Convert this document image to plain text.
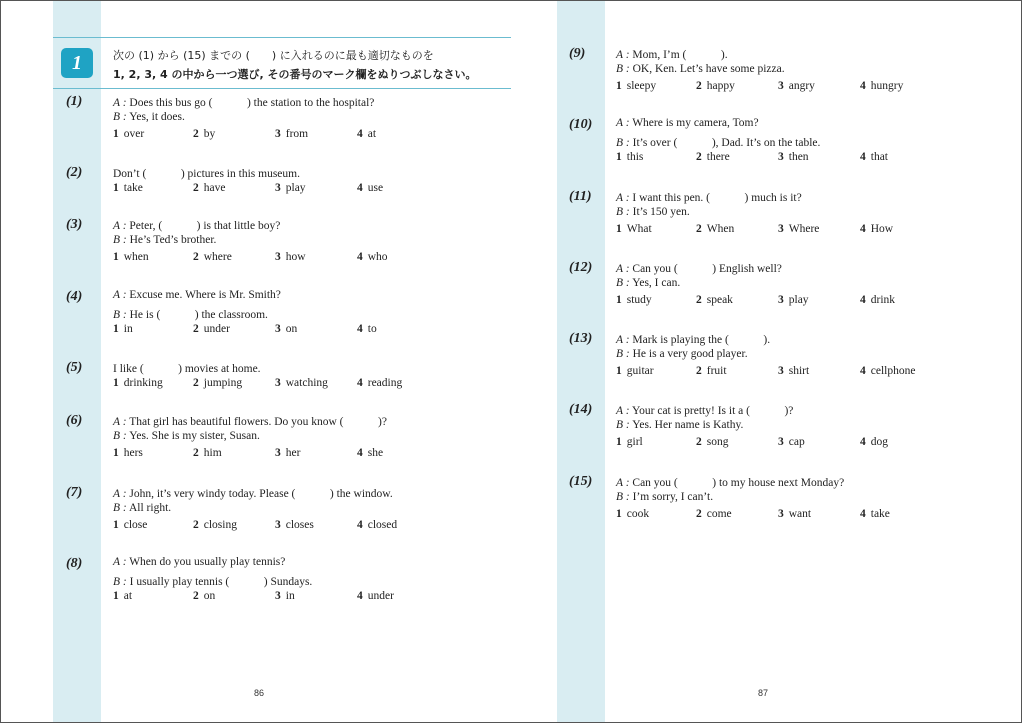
1	次の (1) から (15) までの (　　) に入れるのに最も適切なものを
1, 2, 3, 4 の中から一つ選び, その番号のマーク欄をぬりつぶしなさい。
(1)	A : Does this bus go (　　　) the station to the hospital?
B : Yes, it does.
1 over	2 by	3 from	4 at
(2)	Don’t (　　　) pictures in this museum.
1 take	2 have	3 play	4 use
(3)	A : Peter, (　　　) is that little boy?
B : He’s Ted’s brother.
1 when	2 where	3 how	4 who
(4)	A : Excuse me. Where is Mr. Smith?
B : He is (　　　) the classroom.
1 in	2 under	3 on	4 to
(5)	I like (　　　) movies at home.
1 drinking	2 jumping	3 watching	4 reading
(6)	A : That girl has beautiful flowers. Do you know (　　　)?
B : Yes. She is my sister, Susan.
1 hers	2 him	3 her	4 she
(7)	A : John, it’s very windy today. Please (　　　) the window.
B : All right.
1 close	2 closing	3 closes	4 closed
(8)	A : When do you usually play tennis?
B : I usually play tennis (　　　) Sundays.
1 at	2 on	3 in	4 under
(9)	A : Mom, I’m (　　　).
B : OK, Ken. Let’s have some pizza.
1 sleepy	2 happy	3 angry	4 hungry
(10) A : Where is my camera, Tom?
B : It’s over (　　　), Dad. It’s on the table.
1 this	2 there	3 then	4 that
(11) A : I want this pen. (　　　) much is it?
B : It’s 150 yen.
1 What	2 When	3 Where	4 How
(12) A : Can you (　　　) English well?
B : Yes, I can.
1 study	2 speak	3 play	4 drink
(13) A : Mark is playing the (　　　).
B : He is a very good player.
1 guitar	2 fruit	3 shirt	4 cellphone
(14) A : Your cat is pretty! Is it a (　　　)?
B : Yes. Her name is Kathy.
1 girl	2 song	3 cap	4 dog
(15) A : Can you (　　　) to my house next Monday?
B : I’m sorry, I can’t.
1 cook	2 come	3 want	4 take
86	87
